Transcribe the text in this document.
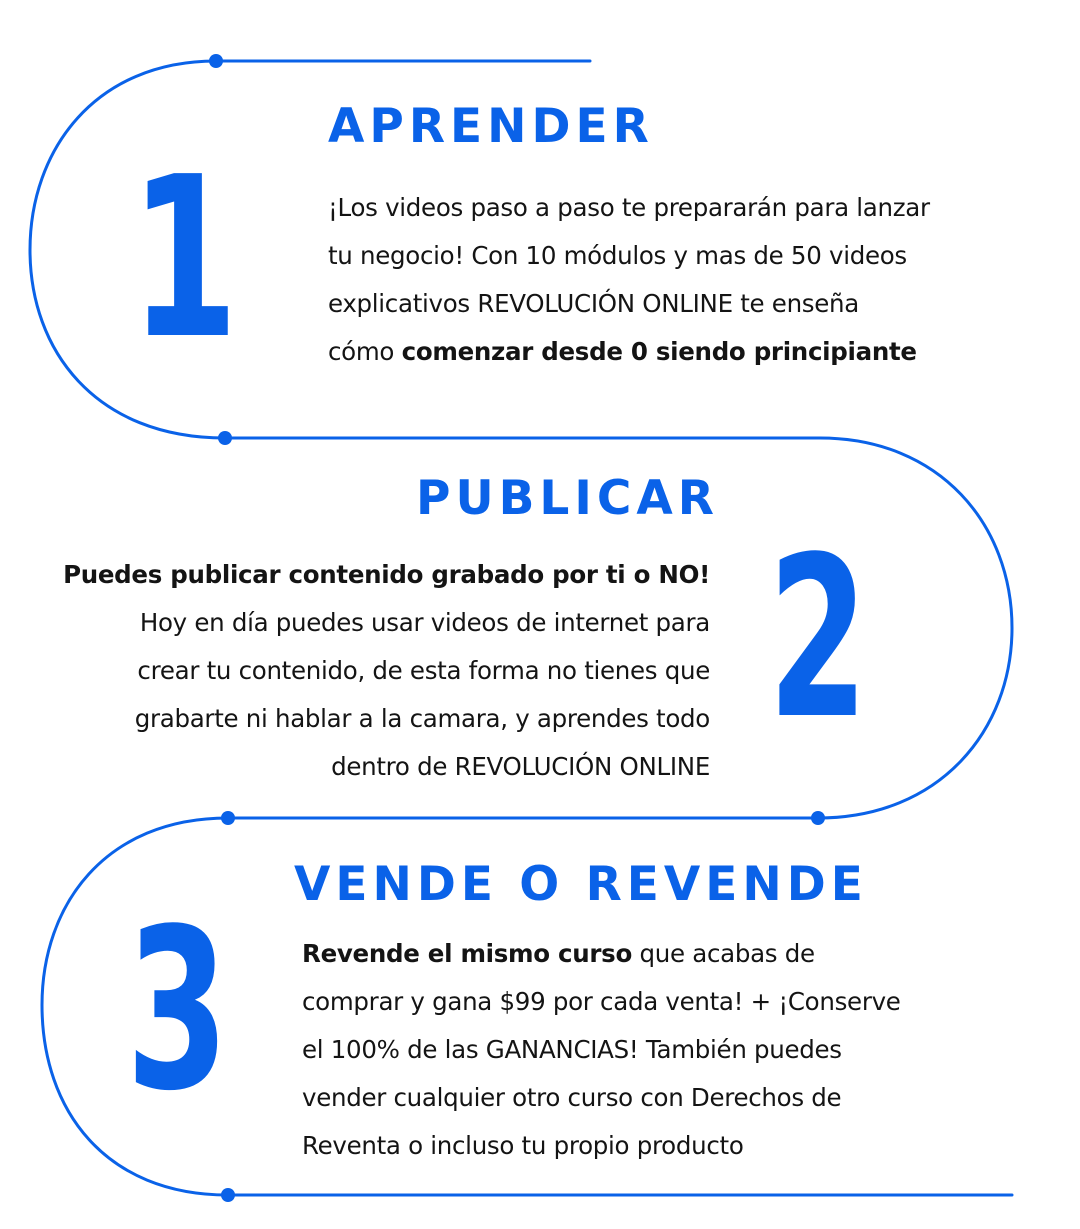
APRENDER
1	¡Los videos paso a paso te prepararán para lanzar
tu negocio! Con 10 módulos y mas de 50 videos
explicativos REVOLUCIÓN ONLINE te enseña
cómo comenzar desde 0 siendo principiante
PUBLICAR
2
Puedes publicar contenido grabado por ti o NO!
Hoy en día puedes usar videos de internet para
crear tu contenido, de esta forma no tienes que
grabarte ni hablar a la camara, y aprendes todo
dentro de REVOLUCIÓN ONLINE
VENDE O REVENDE
3	Revende el mismo curso que acabas de
comprar y gana $99 por cada venta! + ¡Conserve
el 100% de las GANANCIAS! También puedes
vender cualquier otro curso con Derechos de
Reventa o incluso tu propio producto
